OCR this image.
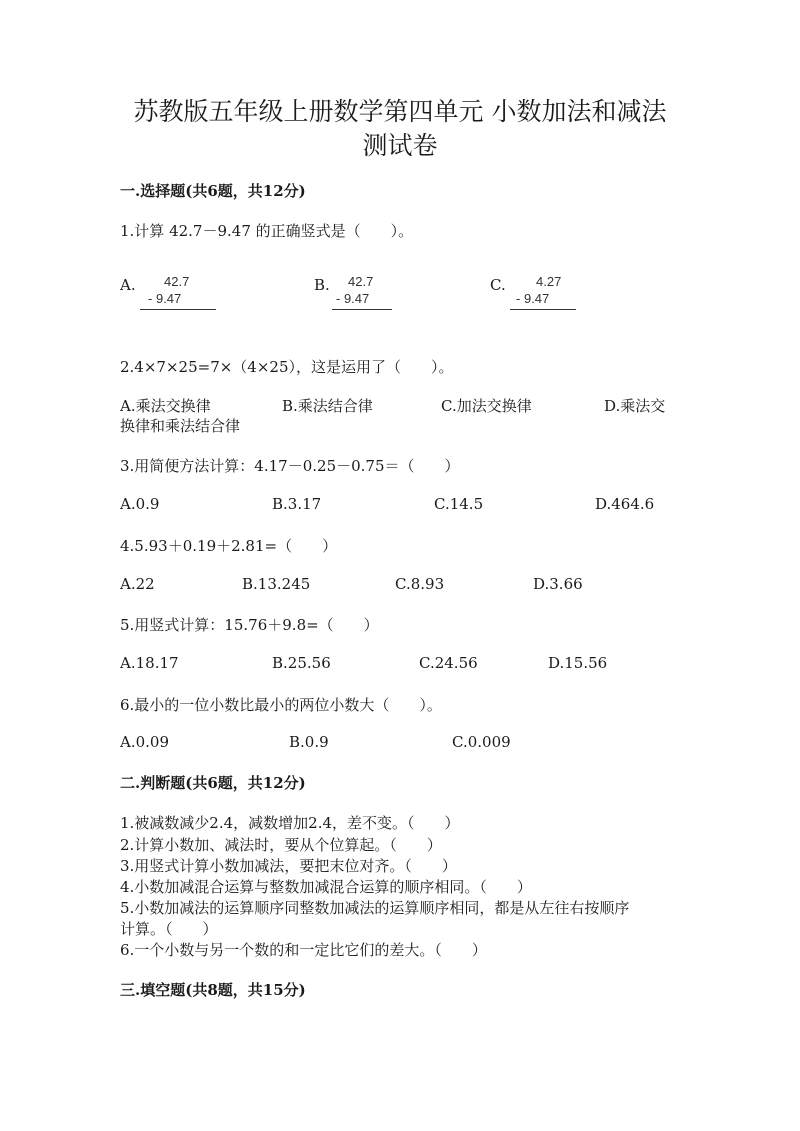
苏教版五年级上册数学第四单元 小数加法和减法
测试卷
一.选择题(共6题，共12分)
1.计算 42.7－9.47 的正确竖式是（　　）。
A. 42.7
- 9.47
B. 42.7
- 9.47
C. 4.27
- 9.47
2.4×7×25=7×（4×25），这是运用了（　　）。
A.乘法交换律	B.乘法结合律	C.加法交换律	D.乘法交
换律和乘法结合律
3.用简便方法计算：4.17－0.25－0.75＝（　　）
A.0.9	B.3.17	C.14.5	D.464.6
4.5.93＋0.19＋2.81=（　　）
A.22	B.13.245	C.8.93	D.3.66
5.用竖式计算：15.76＋9.8=（　　）
A.18.17	B.25.56	C.24.56	D.15.56
6.最小的一位小数比最小的两位小数大（　　）。
A.0.09	B.0.9	C.0.009
二.判断题(共6题，共12分)
1.被减数减少2.4，减数增加2.4，差不变。（　　）
2.计算小数加、减法时，要从个位算起。（　　）
3.用竖式计算小数加减法，要把末位对齐。（　　）
4.小数加减混合运算与整数加减混合运算的顺序相同。（　　）
5.小数加减法的运算顺序同整数加减法的运算顺序相同，都是从左往右按顺序
计算。（　　）
6.一个小数与另一个数的和一定比它们的差大。（　　）
三.填空题(共8题，共15分)
